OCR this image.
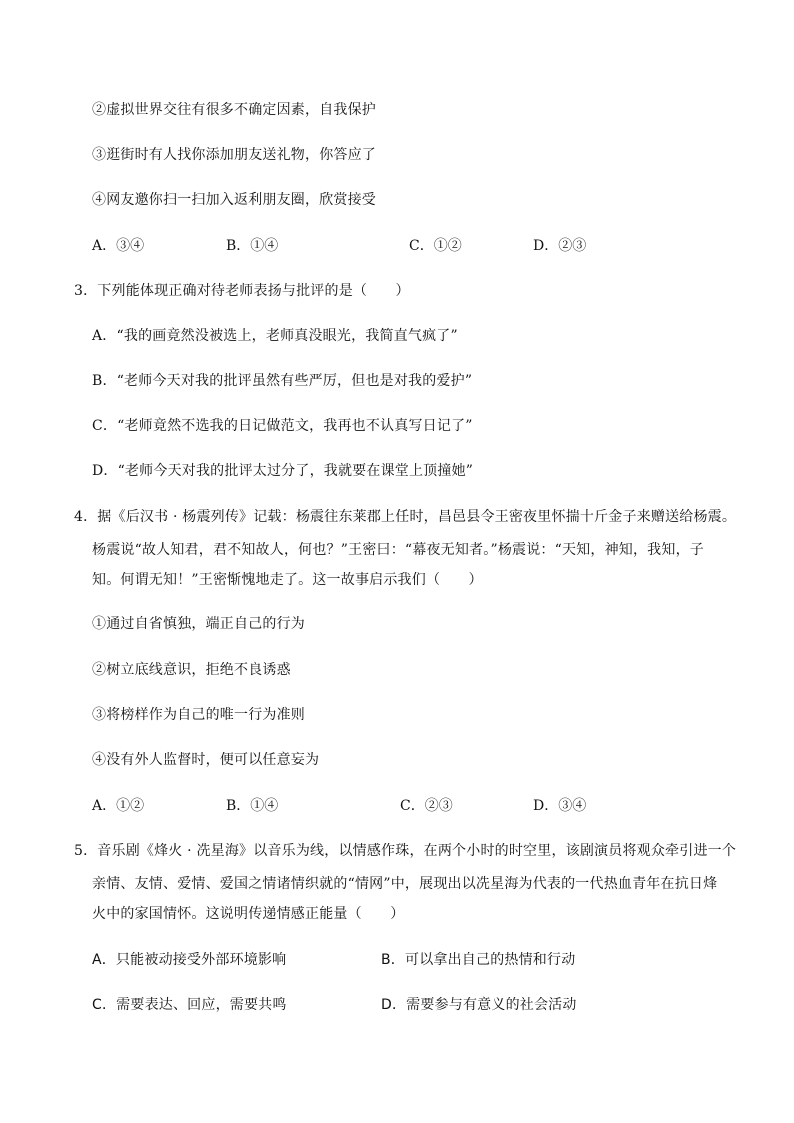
②虚拟世界交往有很多不确定因素，自我保护
③逛街时有人找你添加朋友送礼物，你答应了
④网友邀你扫一扫加入返利朋友圈，欣赏接受
A．③④	B．①④	C．①②	D．②③
3．下列能体现正确对待老师表扬与批评的是（　　）
A．“我的画竟然没被选上，老师真没眼光，我简直气疯了”
B．“老师今天对我的批评虽然有些严厉，但也是对我的爱护”
C．“老师竟然不选我的日记做范文，我再也不认真写日记了”
D．“老师今天对我的批评太过分了，我就要在课堂上顶撞她”
4．据《后汉书 · 杨震列传》记载：杨震往东莱郡上任时，昌邑县令王密夜里怀揣十斤金子来赠送给杨震。
杨震说“故人知君，君不知故人，何也？”王密曰：“幕夜无知者。”杨震说：“天知，神知，我知，子
知。何谓无知！”王密惭愧地走了。这一故事启示我们（　　）
①通过自省慎独，端正自己的行为
②树立底线意识，拒绝不良诱惑
③将榜样作为自己的唯一行为准则
④没有外人监督时，便可以任意妄为
A．①②	B．①④	C．②③	D．③④
5．音乐剧《烽火 · 冼星海》以音乐为线，以情感作珠，在两个小时的时空里，该剧演员将观众牵引进一个
亲情、友情、爱情、爱国之情诸情织就的“情网”中，展现出以冼星海为代表的一代热血青年在抗日烽
火中的家国情怀。这说明传递情感正能量（　　）
A．只能被动接受外部环境影响	B．可以拿出自己的热情和行动
C．需要表达、回应，需要共鸣	D．需要参与有意义的社会活动
